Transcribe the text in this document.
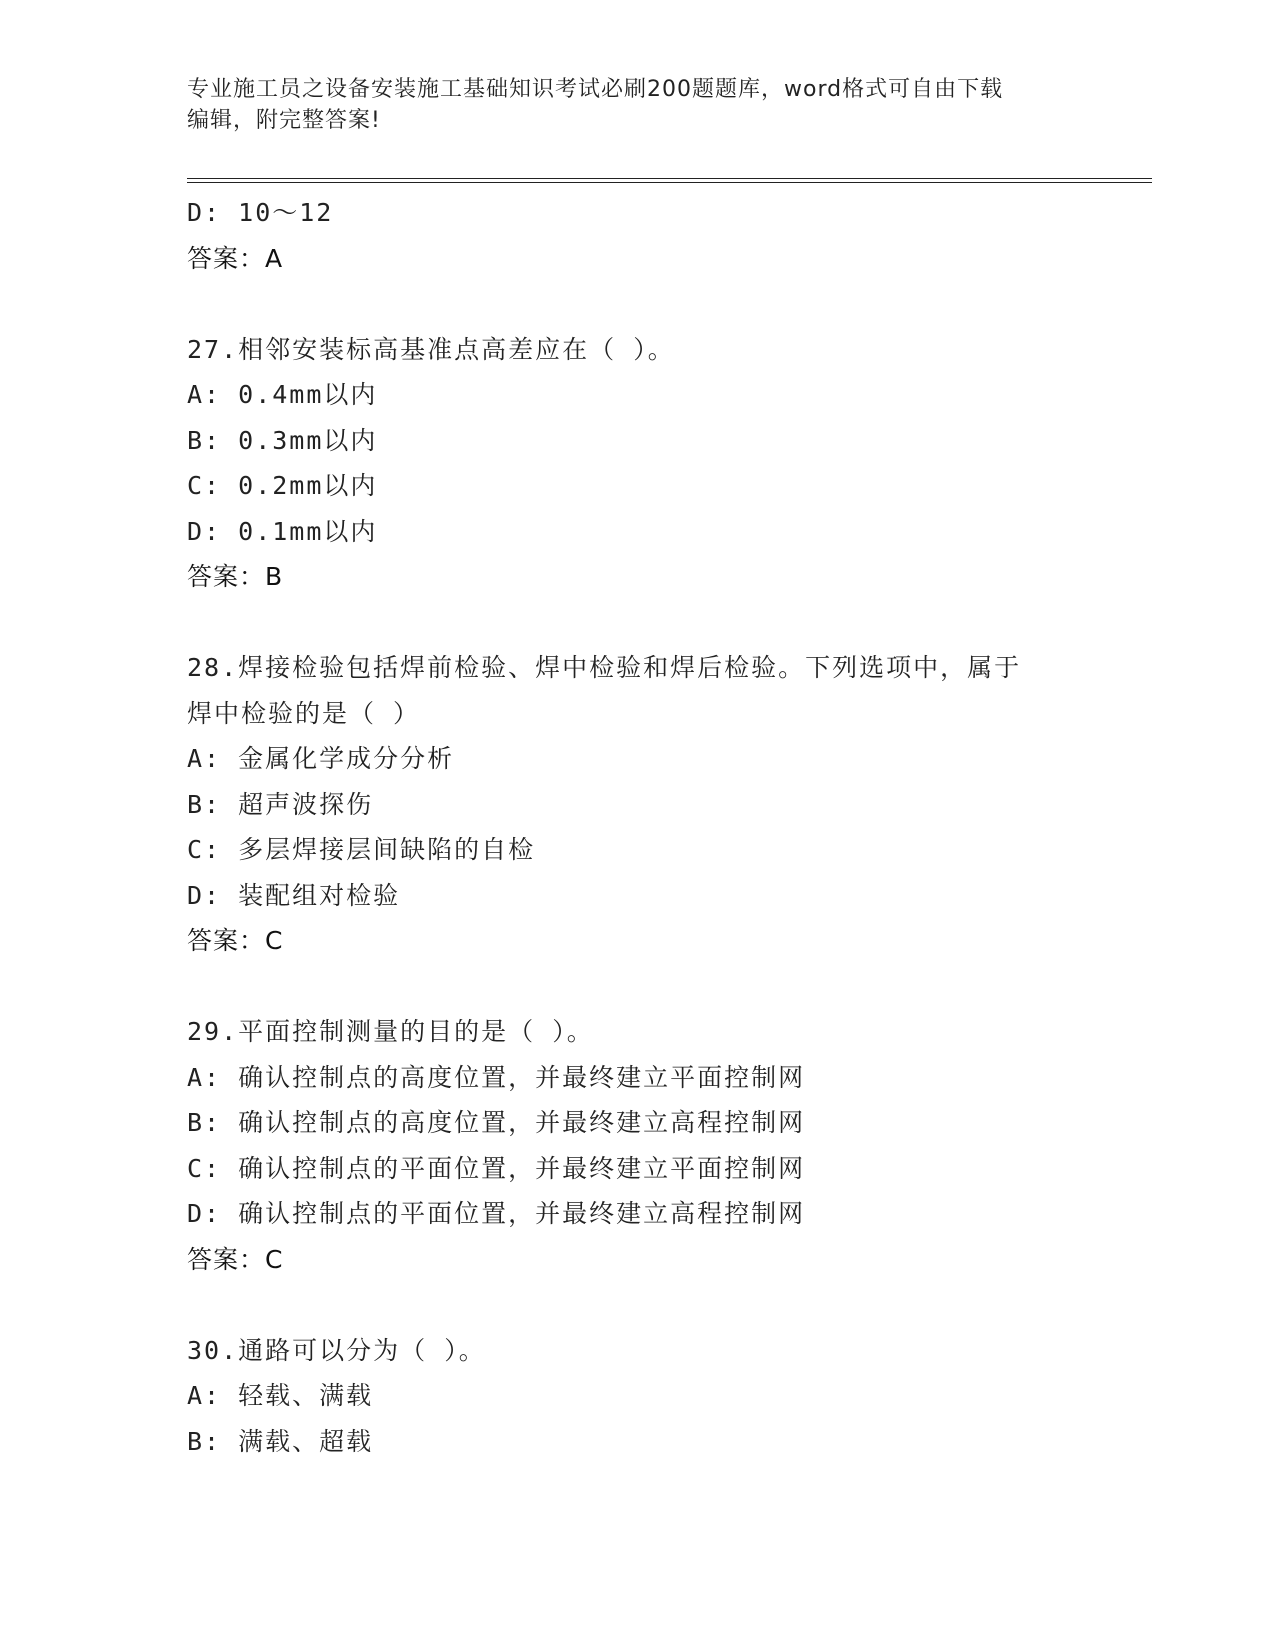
专业施工员之设备安装施工基础知识考试必刷200题题库，word格式可自由下载
编辑，附完整答案!
D: 10～12
答案：A
27.相邻安装标高基准点高差应在（ ）。
A: 0.4mm以内
B: 0.3mm以内
C: 0.2mm以内
D: 0.1mm以内
答案：B
28.焊接检验包括焊前检验、焊中检验和焊后检验。下列选项中，属于
焊中检验的是（ ）
A: 金属化学成分分析
B: 超声波探伤
C: 多层焊接层间缺陷的自检
D: 装配组对检验
答案：C
29.平面控制测量的目的是（ ）。
A: 确认控制点的高度位置，并最终建立平面控制网
B: 确认控制点的高度位置，并最终建立高程控制网
C: 确认控制点的平面位置，并最终建立平面控制网
D: 确认控制点的平面位置，并最终建立高程控制网
答案：C
30.通路可以分为（ ）。
A: 轻载、满载
B: 满载、超载
